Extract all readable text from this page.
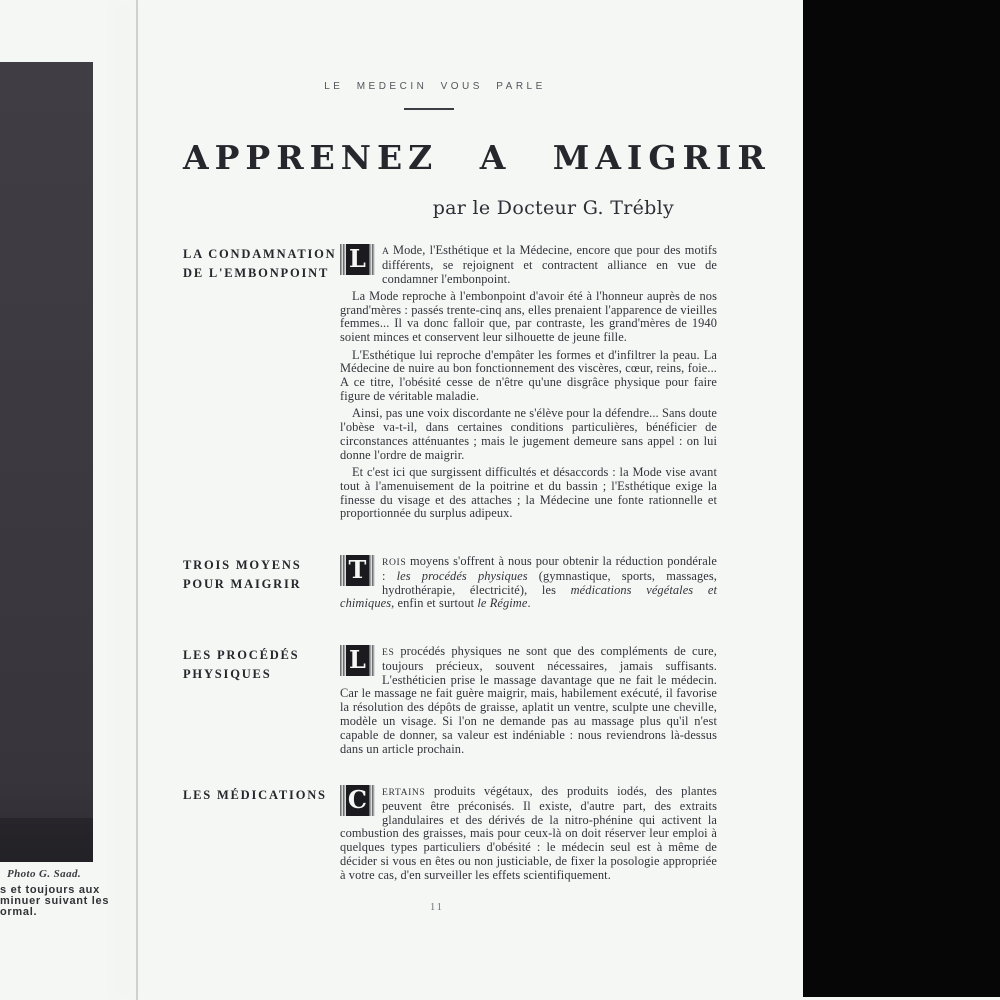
Photo G. Saad.
s et toujours aux
minuer suivant les
ormal.
LE MEDECIN VOUS PARLE
APPRENEZ A MAIGRIR
par le Docteur G. Trébly
LA CONDAMNATION
DE L'EMBONPOINT L	A Mode, l'Esthétique et la Médecine, encore que pour des motifs différents, se rejoignent et contractent alliance en vue de condamner l'embonpoint.
La Mode reproche à l'embonpoint d'avoir été à l'honneur auprès de nos grand'mères : passés trente-cinq ans, elles prenaient l'apparence de vieilles femmes... Il va donc falloir que, par contraste, les grand'mères de 1940 soient minces et conservent leur silhouette de jeune fille.
L'Esthétique lui reproche d'empâter les formes et d'infiltrer la peau. La Médecine de nuire au bon fonctionnement des viscères, cœur, reins, foie... A ce titre, l'obésité cesse de n'être qu'une disgrâce physique pour faire figure de véritable maladie.
Ainsi, pas une voix discordante ne s'élève pour la défendre... Sans doute l'obèse va-t-il, dans certaines conditions particulières, bénéficier de circonstances atténuantes ; mais le jugement demeure sans appel : on lui donne l'ordre de maigrir.
Et c'est ici que surgissent difficultés et désaccords : la Mode vise avant tout à l'amenuisement de la poitrine et du bassin ; l'Esthétique exige la finesse du visage et des attaches ; la Médecine une fonte rationnelle et proportionnée du surplus adipeux.
TROIS MOYENS
POUR MAIGRIR	T ROIS moyens s'offrent à nous pour obtenir la réduction pondérale : les procédés physiques (gymnastique, sports, massages, hydrothérapie, électricité), les médications végétales et chimiques, enfin et surtout le Régime.
LES PROCÉDÉS
PHYSIQUES	L	ES procédés physiques ne sont que des compléments de cure, toujours précieux, souvent nécessaires, jamais suffisants. L'esthéticien prise le massage davantage que ne fait le médecin. Car le massage ne fait guère maigrir, mais, habilement exécuté, il favorise la résolution des dépôts de graisse, aplatit un ventre, sculpte une cheville, modèle un visage. Si l'on ne demande pas au massage plus qu'il n'est capable de donner, sa valeur est indéniable : nous reviendrons là-dessus dans un article prochain.
LES MÉDICATIONS C ERTAINS produits végétaux, des produits iodés, des plantes peuvent être préconisés. Il existe, d'autre part, des extraits glandulaires et des dérivés de la nitro-phénine qui activent la combustion des graisses, mais pour ceux-là on doit réserver leur emploi à quelques types particuliers d'obésité : le médecin seul est à même de décider si vous en êtes ou non justiciable, de fixer la posologie appropriée à votre cas, d'en surveiller les effets scientifiquement.
11
